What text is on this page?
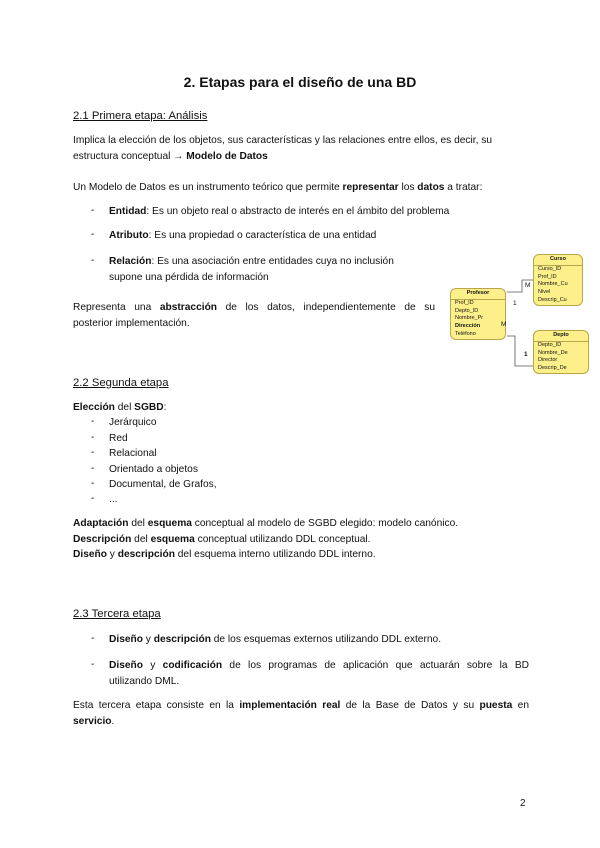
2. Etapas para el diseño de una BD
2.1 Primera etapa: Análisis

Implica la elección de los objetos, sus características y las relaciones entre ellos, es decir, su
estructura conceptual → Modelo de Datos

Un Modelo de Datos es un instrumento teórico que permite representar los datos a tratar:

- Entidad: Es un objeto real o abstracto de interés en el ámbito del problema
- Atributo: Es una propiedad o característica de una entidad
- Relación: Es una asociación entre entidades cuya no inclusión
supone una pérdida de información

Representa una abstracción de los datos, independientemente de su
posterior implementación.

Curso
Curso_ID
Prof_ID
Nombre_Cu
Nivel
Descrip_Cu
Profesor
Prof_ID
Depto_ID
Nombre_Pr
Dirección
Teléfono	Depto
Depto_ID
Nombre_De
Director
Descrip_De
M
1
M
1
2.2 Segunda etapa
Elección del SGBD:
- Jerárquico
- Red
- Relacional
- Orientado a objetos
- Documental, de Grafos,
- ...
Adaptación del esquema conceptual al modelo de SGBD elegido: modelo canónico.
Descripción del esquema conceptual utilizando DDL conceptual.
Diseño y descripción del esquema interno utilizando DDL interno.
2.3 Tercera etapa
- Diseño y descripción de los esquemas externos utilizando DDL externo.
- Diseño y codificación de los programas de aplicación que actuarán sobre la BD
utilizando DML.

Esta tercera etapa consiste en la implementación real de la Base de Datos y su puesta en
servicio.

2
